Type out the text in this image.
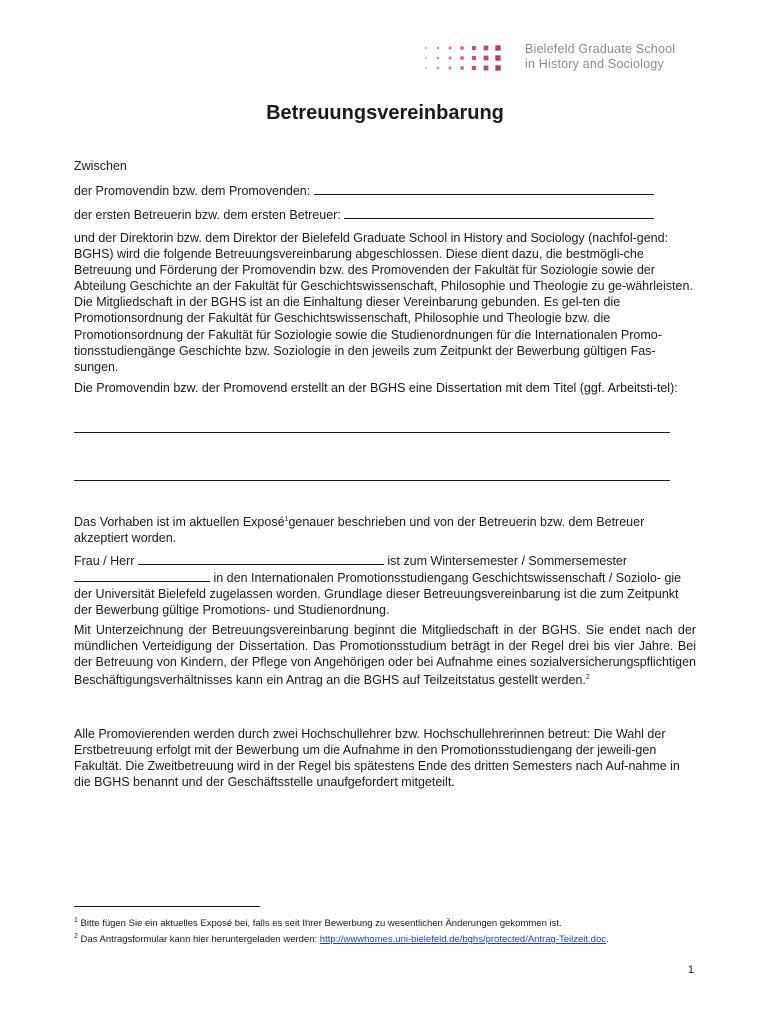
Bielefeld Graduate School
in History and Sociology
Betreuungsvereinbarung

Zwischen

der Promovendin bzw. dem Promovenden:

der ersten Betreuerin bzw. dem ersten Betreuer:

und der Direktorin bzw. dem Direktor der Bielefeld Graduate School in History and Sociology (nachfol-gend: BGHS) wird die folgende Betreuungsvereinbarung abgeschlossen. Diese dient dazu, die bestmögli-che Betreuung und Förderung der Promovendin bzw. des Promovenden der Fakultät für Soziologie sowie der Abteilung Geschichte an der Fakultät für Geschichtswissenschaft, Philosophie und Theologie zu ge-währleisten. Die Mitgliedschaft in der BGHS ist an die Einhaltung dieser Vereinbarung gebunden. Es gel-ten die Promotionsordnung der Fakultät für Geschichtswissenschaft, Philosophie und Theologie bzw. die Promotionsordnung der Fakultät für Soziologie sowie die Studienordnungen für die Internationalen Promo-tionsstudiengänge Geschichte bzw. Soziologie in den jeweils zum Zeitpunkt der Bewerbung gültigen Fas-sungen.

Die Promovendin bzw. der Promovend erstellt an der BGHS eine Dissertation mit dem Titel (ggf. Arbeitsti-tel):

Das Vorhaben ist im aktuellen Exposé$^1$genauer beschrieben und von der Betreuerin bzw. dem Betreuer akzeptiert worden.

Frau / Herr	ist zum Wintersemester / Sommersemester
in den Internationalen Promotionsstudiengang Geschichtswissenschaft / Soziolo- gie der Universität Bielefeld zugelassen worden. Grundlage dieser Betreuungsvereinbarung ist die zum Zeitpunkt der Bewerbung gültige Promotions- und Studienordnung.

Mit Unterzeichnung der Betreuungsvereinbarung beginnt die Mitgliedschaft in der BGHS. Sie endet nach der mündlichen Verteidigung der Dissertation. Das Promotionsstudium beträgt in der Regel drei bis vier Jahre. Bei der Betreuung von Kindern, der Pflege von Angehörigen oder bei Aufnahme eines sozialversicherungspflichtigen Beschäftigungsverhältnisses kann ein Antrag an die BGHS auf Teilzeitstatus gestellt werden.$^2$

Alle Promovierenden werden durch zwei Hochschullehrer bzw. Hochschullehrerinnen betreut: Die Wahl der Erstbetreuung erfolgt mit der Bewerbung um die Aufnahme in den Promotionsstudiengang der jeweili-gen Fakultät. Die Zweitbetreuung wird in der Regel bis spätestens Ende des dritten Semesters nach Auf-nahme in die BGHS benannt und der Geschäftsstelle unaufgefordert mitgeteilt.

$^1$ Bitte fügen Sie ein aktuelles Exposé bei, falls es seit Ihrer Bewerbung zu wesentlichen Änderungen gekommen ist.
$^2$ Das Antragsformular kann hier heruntergeladen werden: http://wwwhomes.uni-bielefeld.de/bghs/protected/Antrag-Teilzeit.doc.
1
